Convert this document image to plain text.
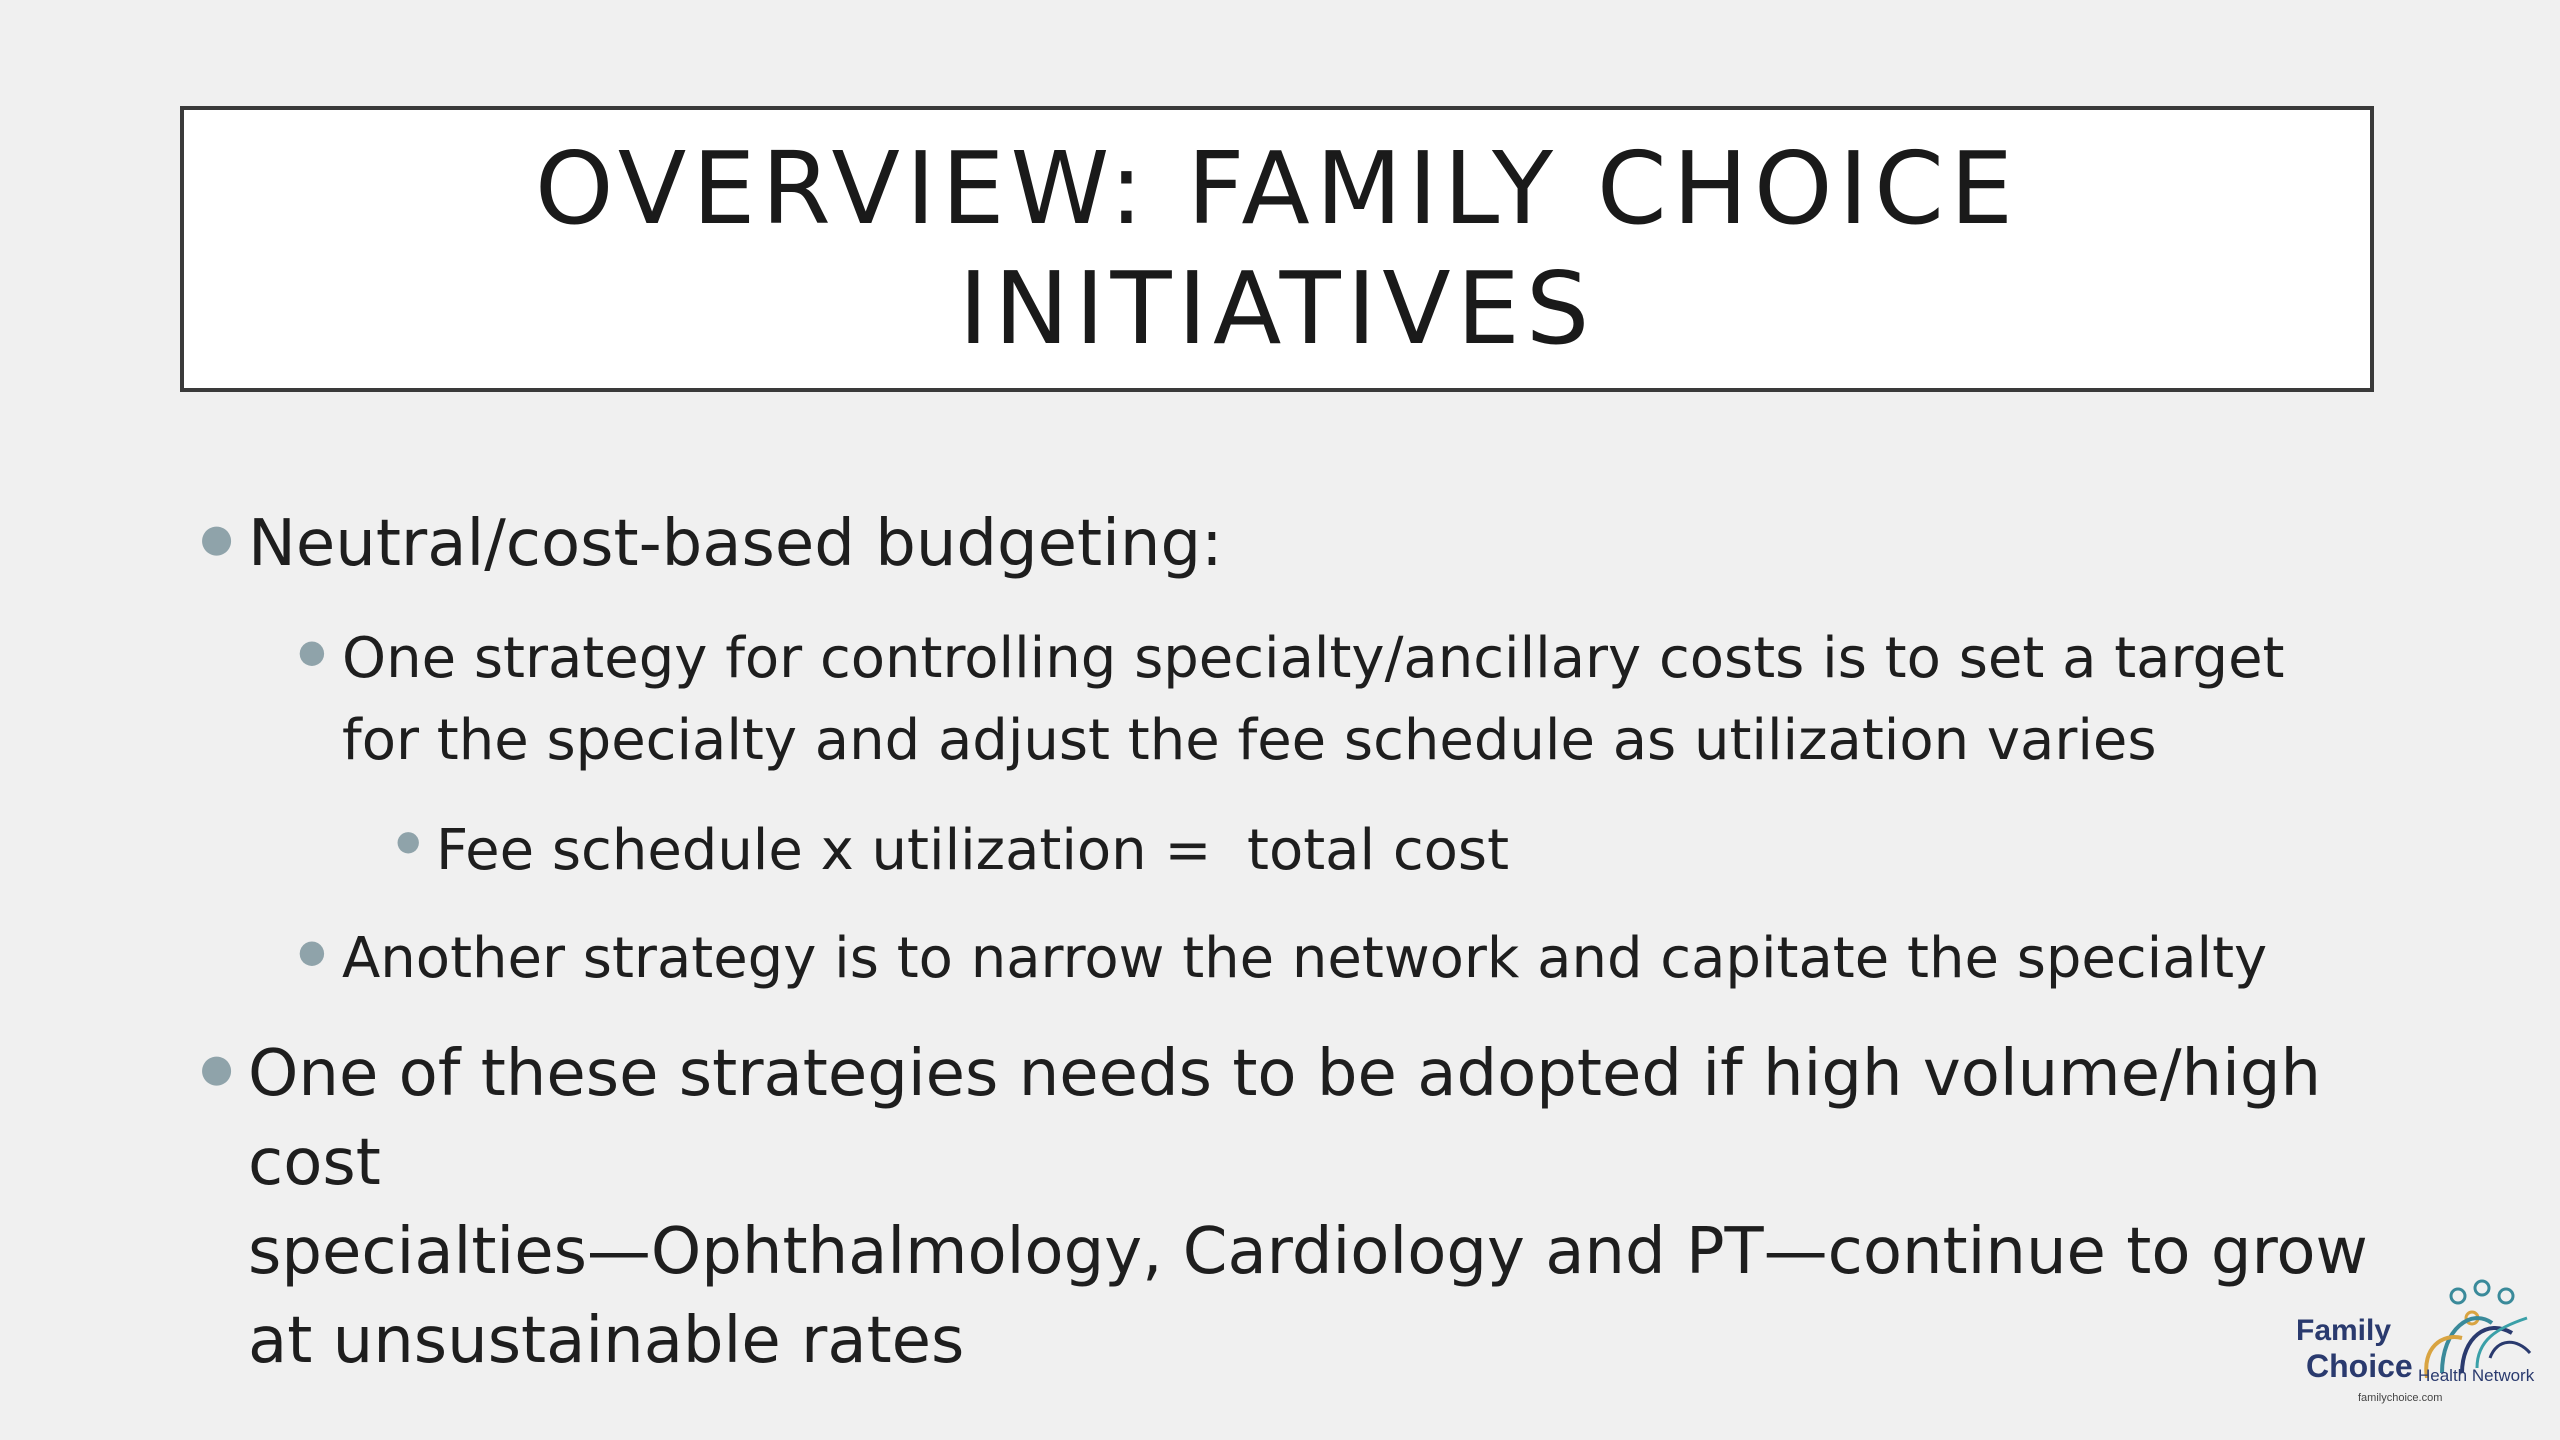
OVERVIEW: FAMILY CHOICE
INITIATIVES
● Neutral/cost-based budgeting:
● One strategy for controlling specialty/ancillary costs is to set a target
for the specialty and adjust the fee schedule as utilization varies
● Fee schedule x utilization =  total cost
● Another strategy is to narrow the network and capitate the specialty
● One of these strategies needs to be adopted if high volume/high cost
specialties—Ophthalmology, Cardiology and PT—continue to grow
at unsustainable rates	Family
Choice Health Network
familychoice.com
